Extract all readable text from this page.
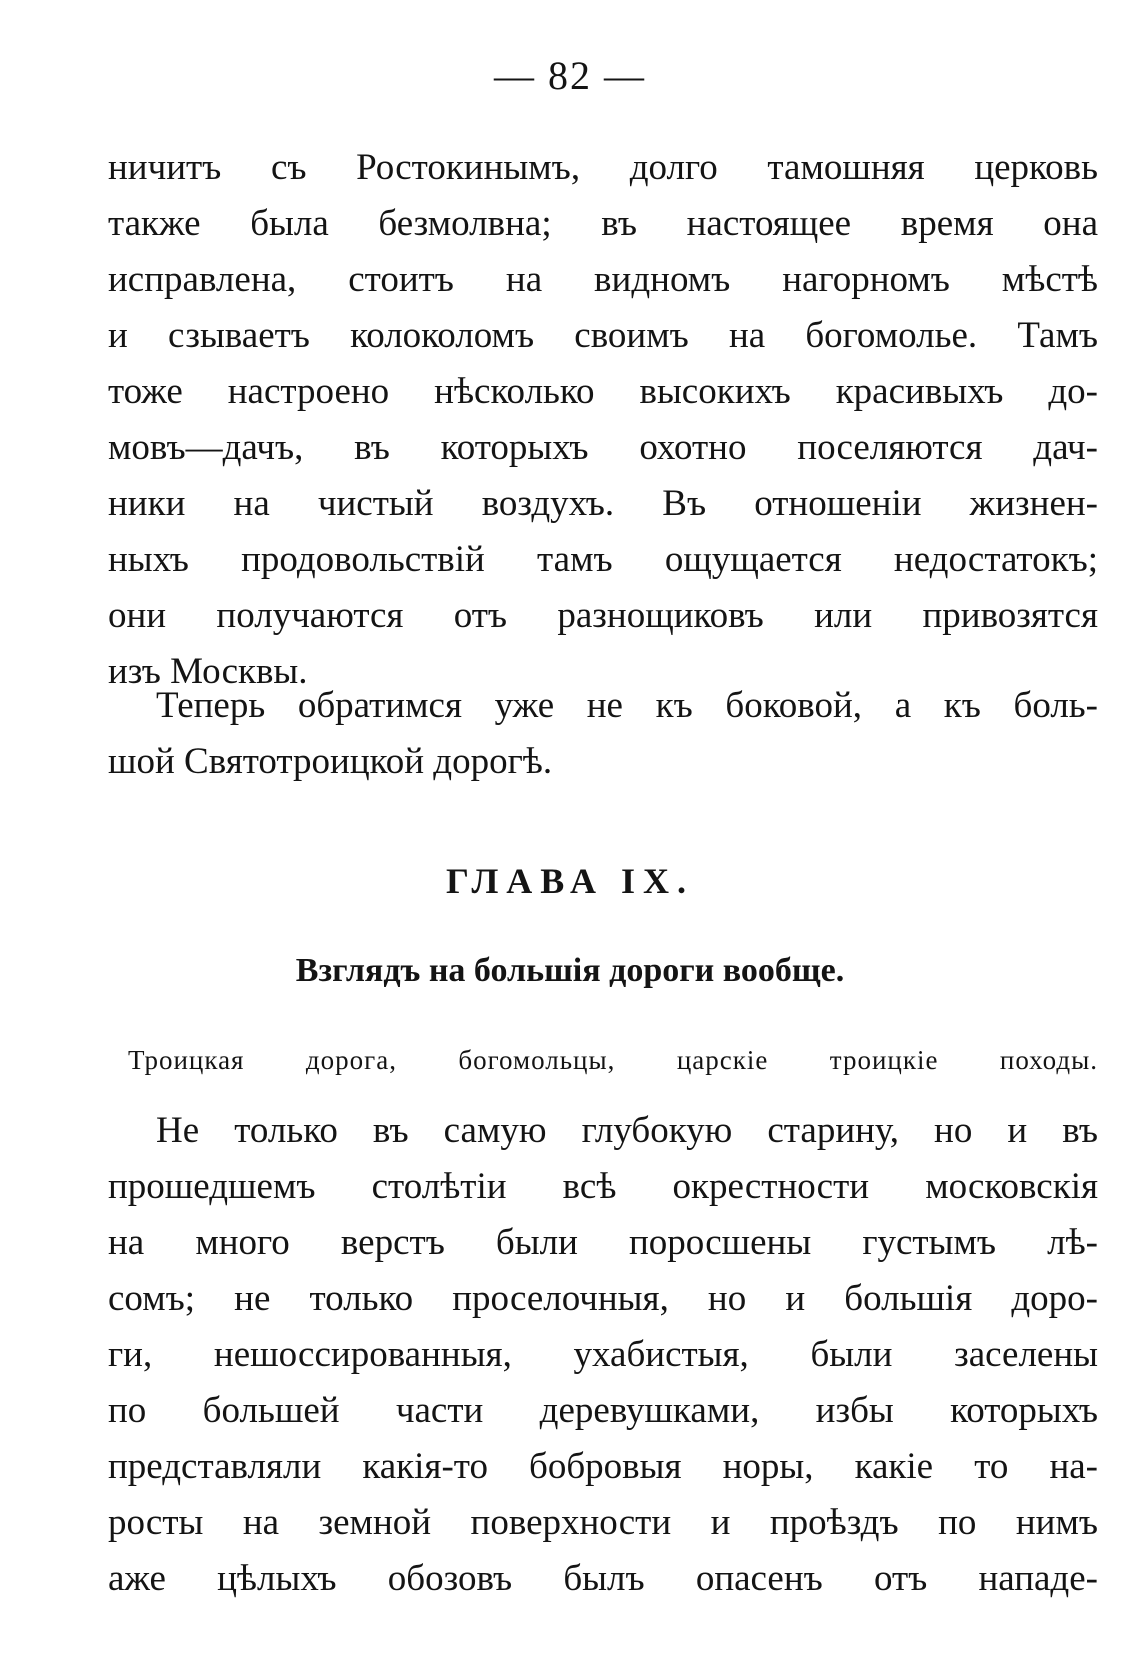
— 82 —
ничитъ съ Ростокинымъ, долго тамошняя церковь
также была безмолвна; въ настоящее время она
исправлена, стоитъ на видномъ нагорномъ мѣстѣ
и сзываетъ колоколомъ своимъ на богомолье. Тамъ
тоже настроено нѣсколько высокихъ красивыхъ до-
мовъ—дачъ, въ которыхъ охотно поселяются дач-
ники на чистый воздухъ. Въ отношенiи жизнен-
ныхъ продовольствiй тамъ ощущается недостатокъ;
они получаются отъ разнощиковъ или привозятся
изъ Москвы.
Теперь обратимся уже не къ боковой, а къ боль-
шой Святотроицкой дорогѣ.
ГЛАВА IX.
Взглядъ на большiя дороги вообще.
Троицкая дорога, богомольцы, царскiе троицкiе походы.
Не только въ самую глубокую старину, но и въ
прошедшемъ столѣтiи всѣ окрестности московскiя
на много верстъ были поросшены густымъ лѣ-
сомъ; не только проселочныя, но и большiя доро-
ги, нешоссированныя, ухабистыя, были заселены
по большей части деревушками, избы которыхъ
представляли какiя-то бобровыя норы, какiе то на-
росты на земной поверхности и проѣздъ по нимъ
аже цѣлыхъ обозовъ былъ опасенъ отъ нападе-
